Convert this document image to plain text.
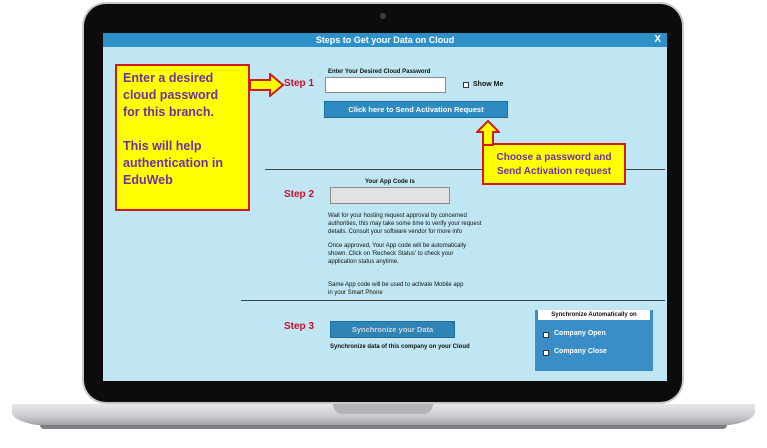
Steps to Get your Data on Cloud	X
Step 1
Enter Your Desired Cloud Password
Show Me
Click here to Send Activation Request
Step 2
Your App Code is
Wait for your hosting request approval by concerned
authorities, this may take some time to verify your request
details. Consult your software vendor for more info
Once approved, Your App code will be automatically
shown. Click on 'Recheck Status' to check your
application status anytime.
Same App code will be used to activate Mobile app
in your Smart Phone
Step 3	Synchronize your Data
Synchronize data of this company on your Cloud
Synchronize Automatically on
Company Open
Company Close
Enter a desired
cloud password
for this branch.

This will help
authentication in
EduWeb
Choose a password and
Send Activation request
